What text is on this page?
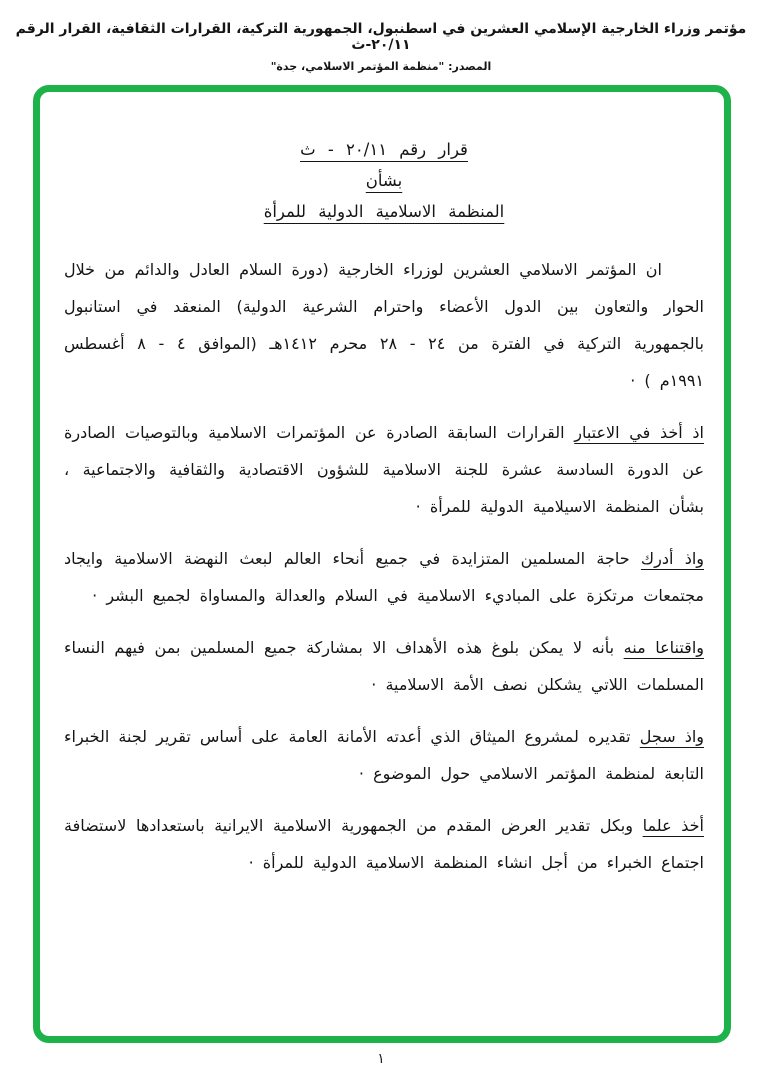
مؤتمر وزراء الخارجية الإسلامي العشرين في اسطنبول، الجمهورية التركية، القرارات الثقافية، القرار الرقم ٢٠/١١-ث
المصدر: "منظمة المؤتمر الاسلامي، جدة"
قرار رقم ٢٠/١١ - ث
بشأن
المنظمة الاسلامية الدولية للمرأة

ان المؤتمر الاسلامي العشرين لوزراء الخارجية (دورة السلام العادل والدائم من خلال الحوار والتعاون بين الدول الأعضاء واحترام الشرعية الدولية) المنعقد في استانبول بالجمهورية التركية في الفترة من ٢٤ - ٢٨ محرم ١٤١٢هـ (الموافق ٤ - ٨ أغسطس ١٩٩١م ) ·

اذ أخذ في الاعتبار القرارات السابقة الصادرة عن المؤتمرات الاسلامية وبالتوصيات الصادرة عن الدورة السادسة عشرة للجنة الاسلامية للشؤون الاقتصادية والثقافية والاجتماعية ، بشأن المنظمة الاسيلامية الدولية للمرأة ·

واذ أدرك حاجة المسلمين المتزايدة في جميع أنحاء العالم لبعث النهضة الاسلامية وايجاد مجتمعات مرتكزة على المباديء الاسلامية في السلام والعدالة والمساواة لجميع البشر ·

واقتناعا منه بأنه لا يمكن بلوغ هذه الأهداف الا بمشاركة جميع المسلمين بمن فيهم النساء المسلمات اللاتي يشكلن نصف الأمة الاسلامية ·

واذ سجل تقديره لمشروع الميثاق الذي أعدته الأمانة العامة على أساس تقرير لجنة الخبراء التابعة لمنظمة المؤتمر الاسلامي حول الموضوع ·

أخذ علما وبكل تقدير العرض المقدم من الجمهورية الاسلامية الايرانية باستعدادها لاستضافة اجتماع الخبراء من أجل انشاء المنظمة الاسلامية الدولية للمرأة ·

١
